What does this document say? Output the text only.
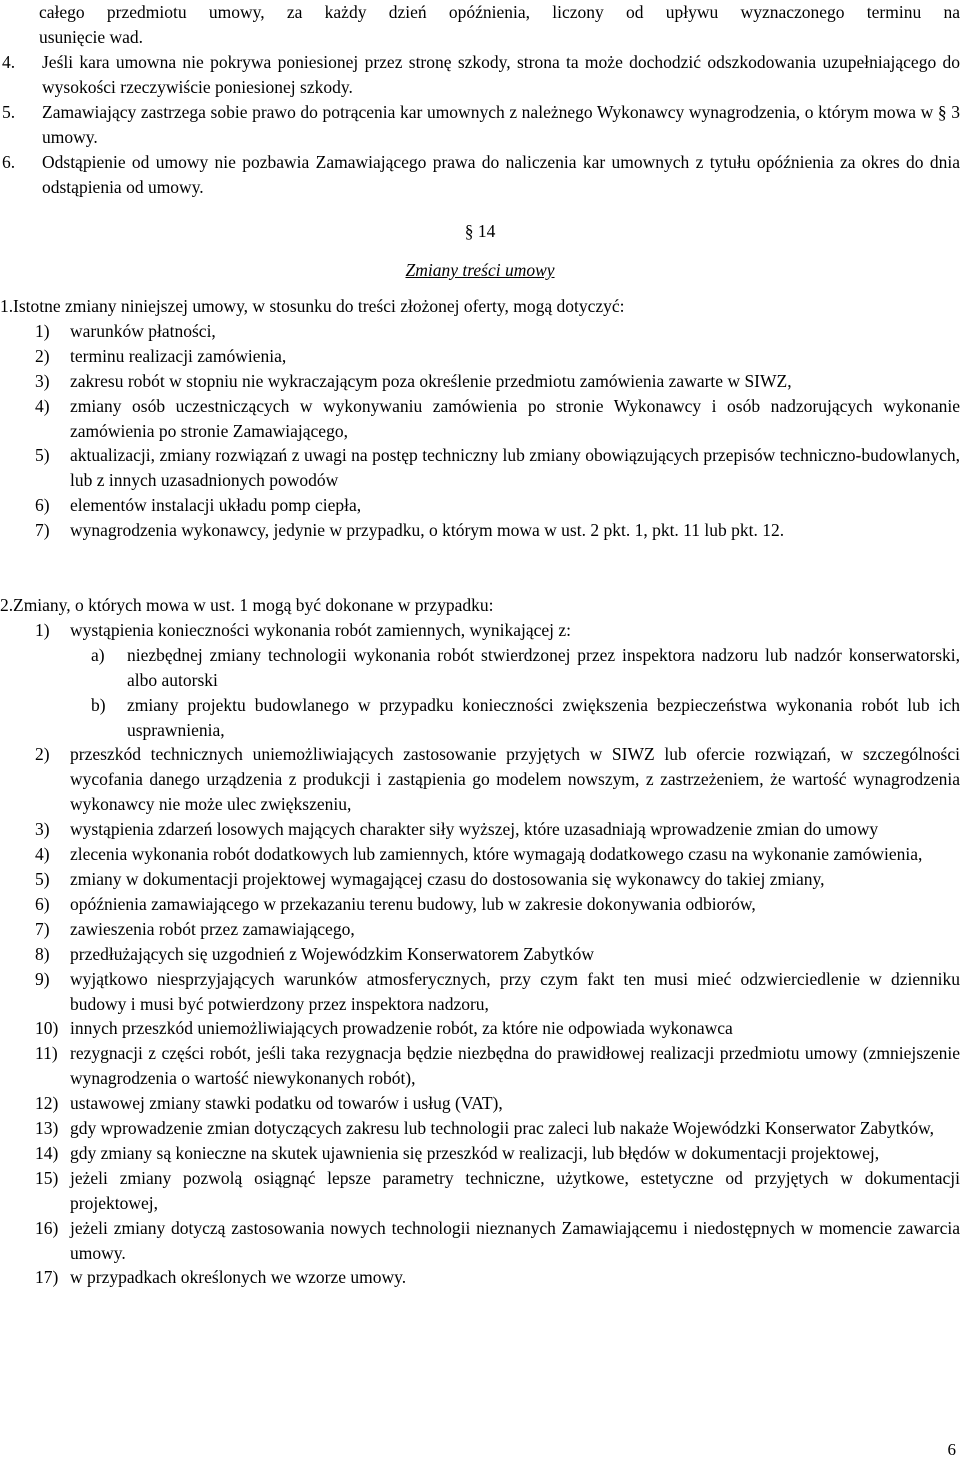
całego przedmiotu umowy, za każdy dzień opóźnienia, liczony od upływu wyznaczonego terminu na
usunięcie wad.
4. Jeśli kara umowna nie pokrywa poniesionej przez stronę szkody, strona ta może dochodzić odszkodowania uzupełniającego do wysokości rzeczywiście poniesionej szkody.
5. Zamawiający zastrzega sobie prawo do potrącenia kar umownych z należnego Wykonawcy wynagrodzenia, o którym mowa w § 3 umowy.
6. Odstąpienie od umowy nie pozbawia Zamawiającego prawa do naliczenia kar umownych z tytułu opóźnienia za okres do dnia odstąpienia od umowy.
§ 14
Zmiany treści umowy
1. Istotne zmiany niniejszej umowy, w stosunku do treści złożonej oferty, mogą dotyczyć:
1) warunków płatności,
2) terminu realizacji zamówienia,
3) zakresu robót w stopniu nie wykraczającym poza określenie przedmiotu zamówienia zawarte w SIWZ,
4) zmiany osób uczestniczących w wykonywaniu zamówienia po stronie Wykonawcy i osób nadzorujących wykonanie zamówienia po stronie Zamawiającego,
5) aktualizacji, zmiany rozwiązań z uwagi na postęp techniczny lub zmiany obowiązujących przepisów techniczno-budowlanych, lub z innych uzasadnionych powodów
6) elementów instalacji układu pomp ciepła,
7) wynagrodzenia wykonawcy, jedynie w przypadku, o którym mowa w ust. 2 pkt. 1, pkt. 11 lub pkt. 12.
2. Zmiany, o których mowa w ust. 1 mogą być dokonane w przypadku:
1) wystąpienia konieczności wykonania robót zamiennych, wynikającej z:
a) niezbędnej zmiany technologii wykonania robót stwierdzonej przez inspektora nadzoru lub nadzór konserwatorski, albo autorski
b) zmiany projektu budowlanego w przypadku konieczności zwiększenia bezpieczeństwa wykonania robót lub ich usprawnienia,
2) przeszkód technicznych uniemożliwiających zastosowanie przyjętych w SIWZ lub ofercie rozwiązań, w szczególności wycofania danego urządzenia z produkcji i zastąpienia go modelem nowszym, z zastrzeżeniem, że wartość wynagrodzenia wykonawcy nie może ulec zwiększeniu,
3) wystąpienia zdarzeń losowych mających charakter siły wyższej, które uzasadniają wprowadzenie zmian do umowy
4) zlecenia wykonania robót dodatkowych lub zamiennych, które wymagają dodatkowego czasu na wykonanie zamówienia,
5) zmiany w dokumentacji projektowej wymagającej czasu do dostosowania się wykonawcy do takiej zmiany,
6) opóźnienia zamawiającego w przekazaniu terenu budowy, lub w zakresie dokonywania odbiorów,
7) zawieszenia robót przez zamawiającego,
8) przedłużających się uzgodnień z Wojewódzkim Konserwatorem Zabytków
9) wyjątkowo niesprzyjających warunków atmosferycznych, przy czym fakt ten musi mieć odzwierciedlenie w dzienniku budowy i musi być potwierdzony przez inspektora nadzoru,
10) innych przeszkód uniemożliwiających prowadzenie robót, za które nie odpowiada wykonawca
11) rezygnacji z części robót, jeśli taka rezygnacja będzie niezbędna do prawidłowej realizacji przedmiotu umowy (zmniejszenie wynagrodzenia o wartość niewykonanych robót),
12) ustawowej zmiany stawki podatku od towarów i usług (VAT),
13) gdy wprowadzenie zmian dotyczących zakresu lub technologii prac zaleci lub nakaże Wojewódzki Konserwator Zabytków,
14) gdy zmiany są konieczne na skutek ujawnienia się przeszkód w realizacji, lub błędów w dokumentacji projektowej,
15) jeżeli zmiany pozwolą osiągnąć lepsze parametry techniczne, użytkowe, estetyczne od przyjętych w dokumentacji projektowej,
16) jeżeli zmiany dotyczą zastosowania nowych technologii nieznanych Zamawiającemu i niedostępnych w momencie zawarcia umowy.
17) w przypadkach określonych we wzorze umowy.
6
